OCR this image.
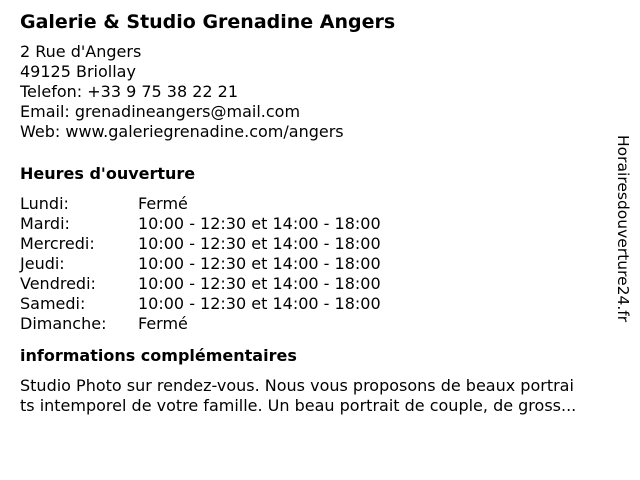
Galerie & Studio Grenadine Angers
2 Rue d'Angers
49125 Briollay
Telefon: +33 9 75 38 22 21
Email: grenadineangers@mail.com
Web: www.galeriegrenadine.com/angers
Heures d'ouverture
Lundi:	Fermé
Mardi:	10:00 - 12:30 et 14:00 - 18:00
Mercredi:	10:00 - 12:30 et 14:00 - 18:00
Jeudi:	10:00 - 12:30 et 14:00 - 18:00
Vendredi:	10:00 - 12:30 et 14:00 - 18:00
Samedi:	10:00 - 12:30 et 14:00 - 18:00
Dimanche:	Fermé
informations complémentaires
Studio Photo sur rendez-vous. Nous vous proposons de beaux portrai
ts intemporel de votre famille. Un beau portrait de couple, de gross...
Horairesdouverture24.fr
